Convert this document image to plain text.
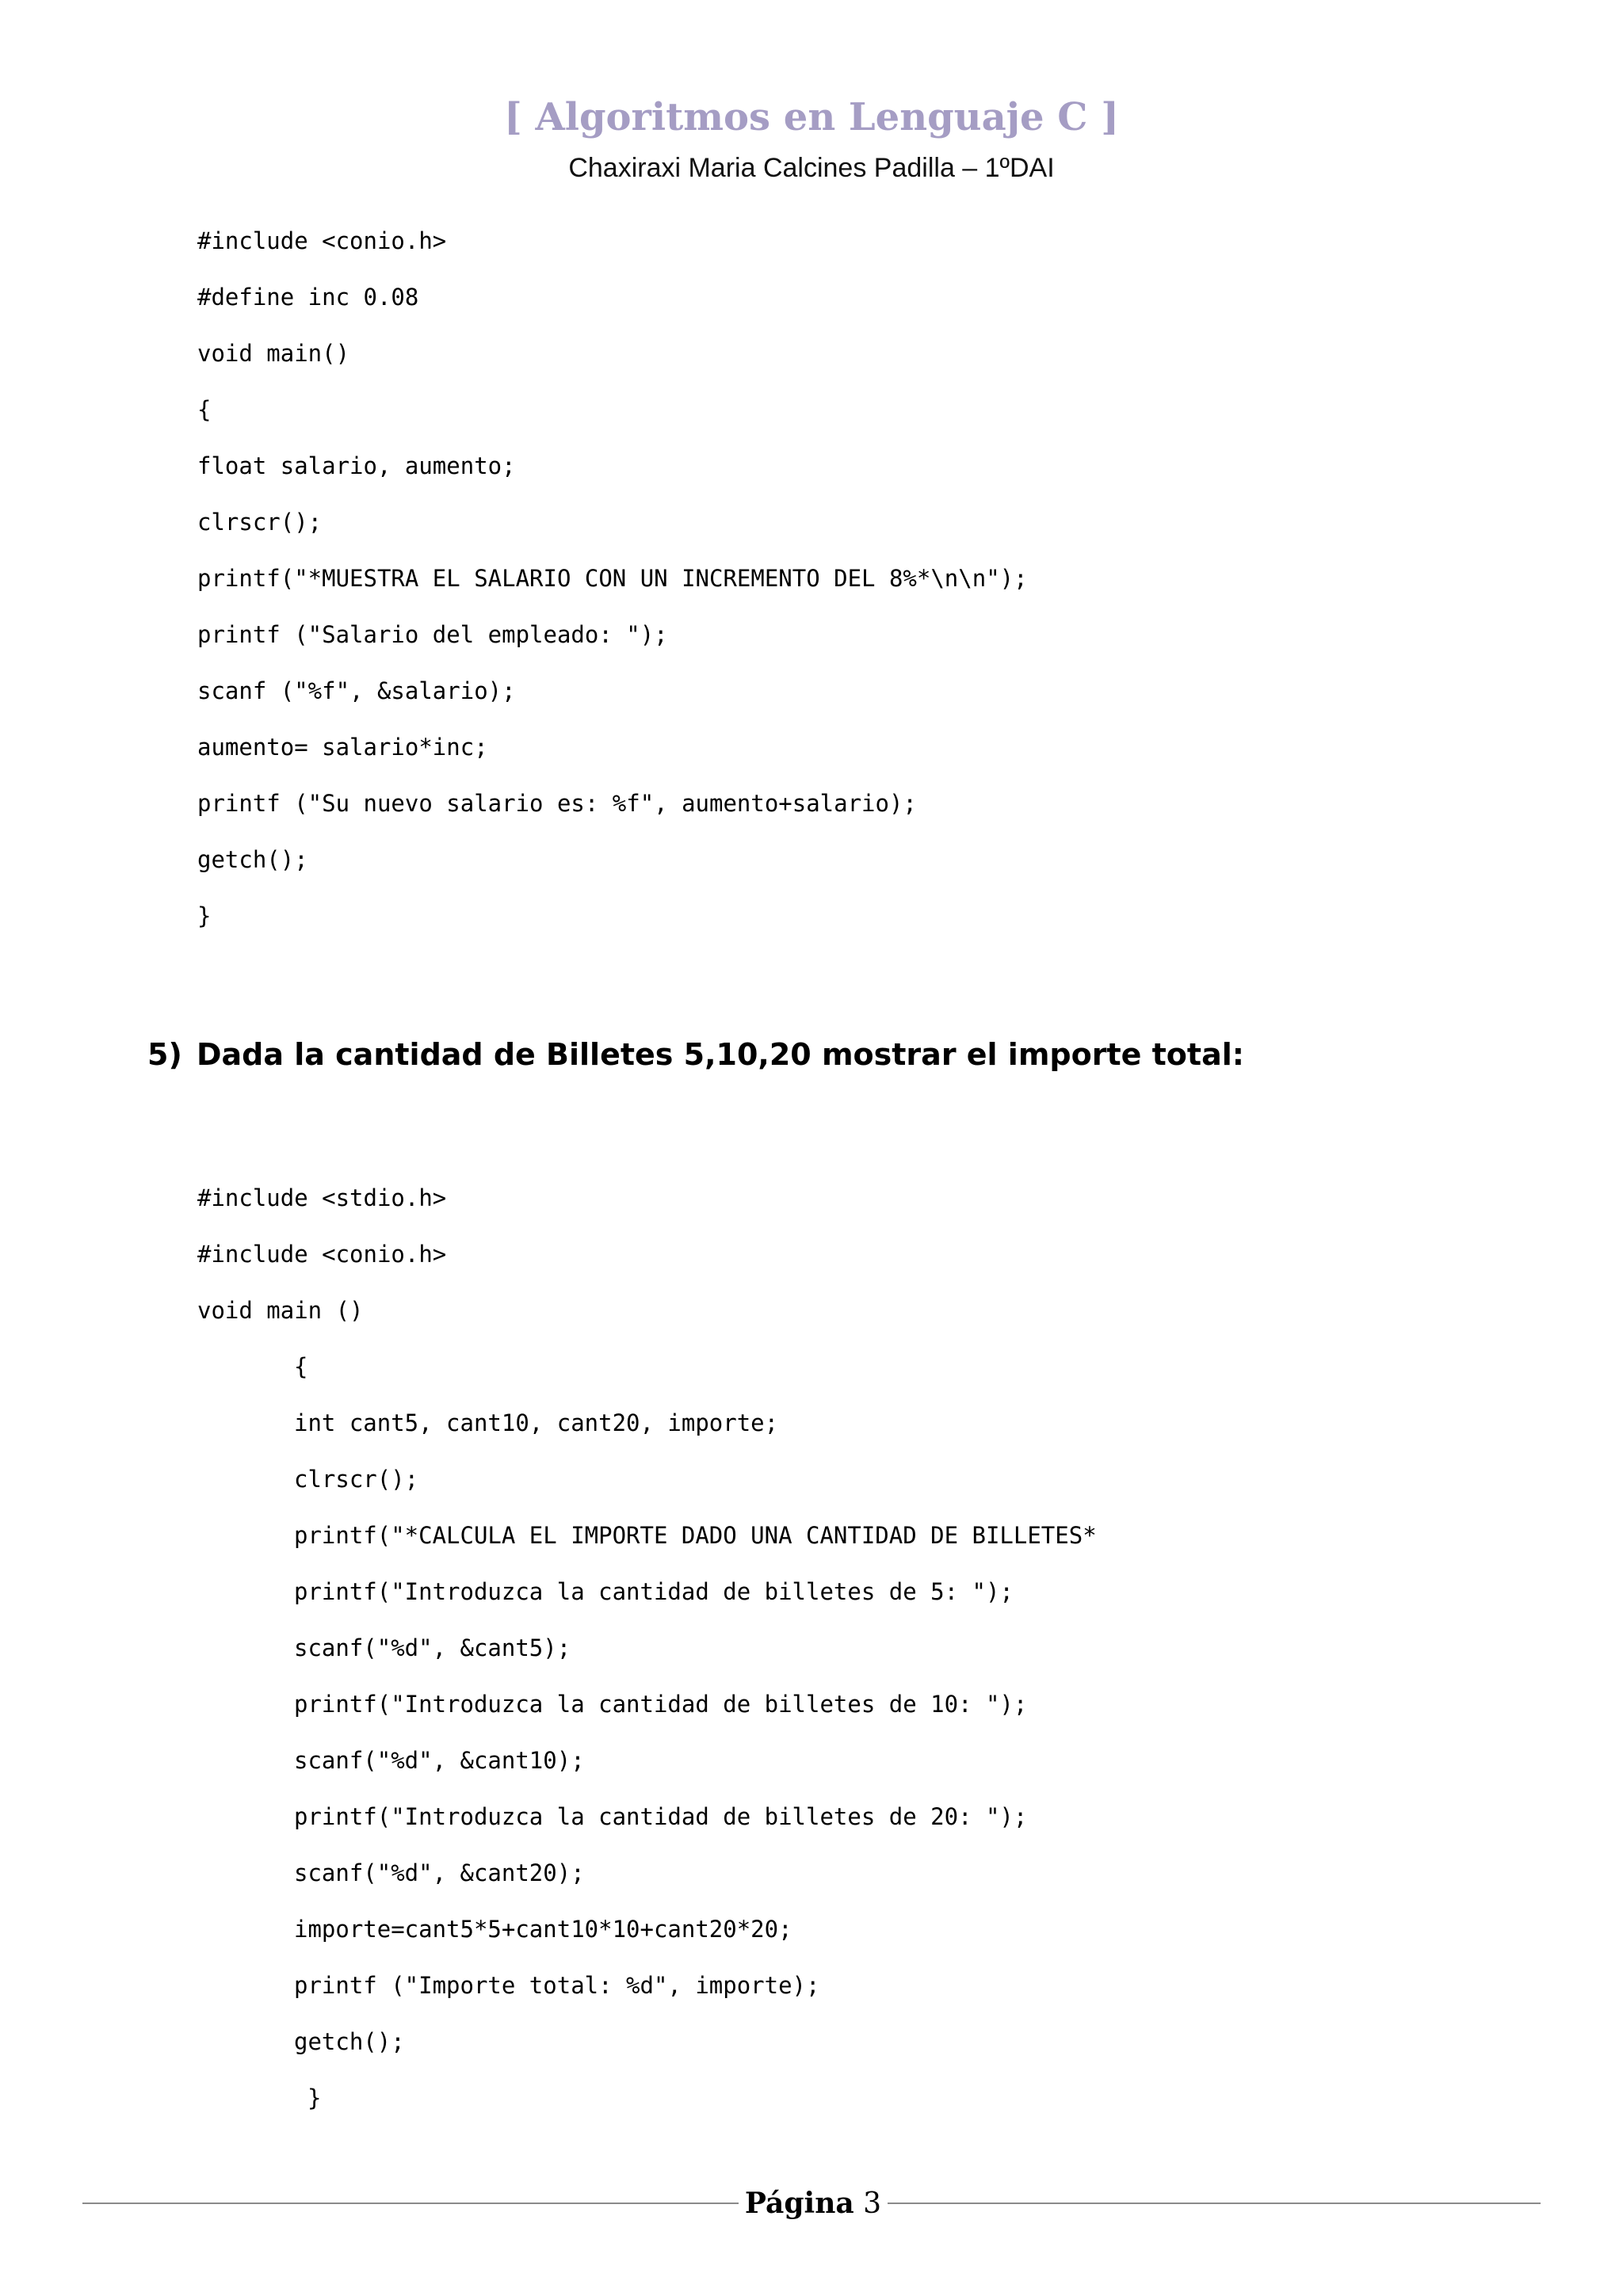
[ Algoritmos en Lenguaje C ]
Chaxiraxi Maria Calcines Padilla – 1ºDAI
#include <conio.h>
#define inc 0.08
void main()
{
float salario, aumento;
clrscr();
printf("*MUESTRA EL SALARIO CON UN INCREMENTO DEL 8%*\n\n");
printf ("Salario del empleado: ");
scanf ("%f", &salario);
aumento= salario*inc;
printf ("Su nuevo salario es: %f", aumento+salario);
getch();
}
5) Dada la cantidad de Billetes 5,10,20 mostrar el importe total:
#include <stdio.h>
#include <conio.h>
void main ()
{
int cant5, cant10, cant20, importe;
clrscr();
printf("*CALCULA EL IMPORTE DADO UNA CANTIDAD DE BILLETES*
printf("Introduzca la cantidad de billetes de 5: ");
scanf("%d", &cant5);
printf("Introduzca la cantidad de billetes de 10: ");
scanf("%d", &cant10);
printf("Introduzca la cantidad de billetes de 20: ");
scanf("%d", &cant20);
importe=cant5*5+cant10*10+cant20*20;
printf ("Importe total: %d", importe);
getch();
}
Página 3
